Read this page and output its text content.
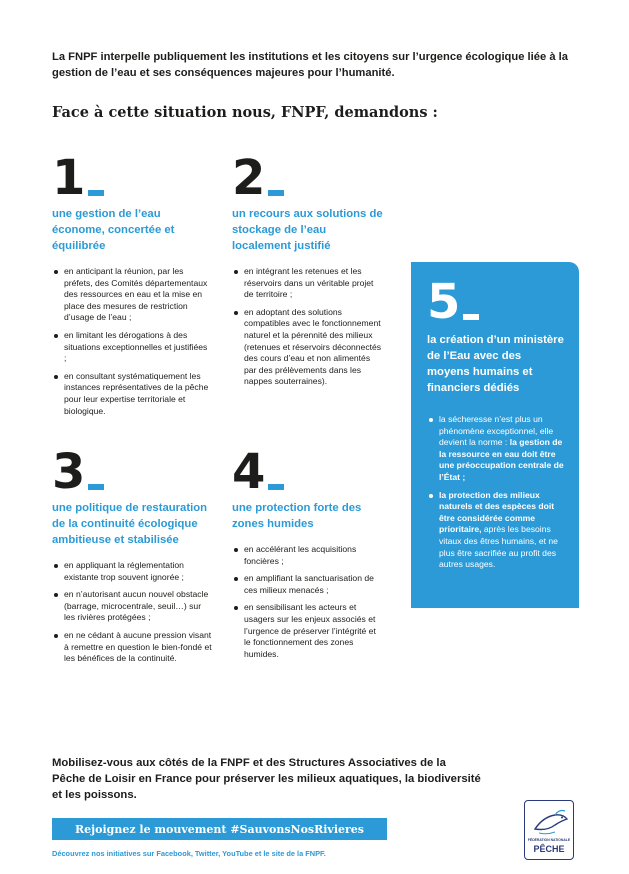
La FNPF interpelle publiquement les institutions et les citoyens sur l’urgence écologique liée à la gestion de l’eau et ses conséquences majeures pour l’humanité.
Face à cette situation nous, FNPF, demandons :
1
une gestion de l’eau économe, concertée et équilibrée
en anticipant la réunion, par les préfets, des Comités départementaux des ressources en eau et la mise en place des mesures de restriction d’usage de l’eau ;
en limitant les dérogations à des situations exceptionnelles et justifiées ;
en consultant systématiquement les instances représentatives de la pêche pour leur expertise territoriale et biologique.
2
un recours aux solutions de stockage de l’eau localement justifié
en intégrant les retenues et les réservoirs dans un véritable projet de territoire ;
en adoptant des solutions compatibles avec le fonctionnement naturel et la pérennité des milieux (retenues et réservoirs déconnectés des cours d’eau et non alimentés par des prélèvements dans les nappes souterraines).
3
une politique de restauration de la continuité écologique ambitieuse et stabilisée
en appliquant la réglementation existante trop souvent ignorée ;
en n’autorisant aucun nouvel obstacle (barrage, microcentrale, seuil…) sur les rivières protégées ;
en ne cédant à aucune pression visant à remettre en question le bien-fondé et les bénéfices de la continuité.
4
une protection forte des zones humides
en accélérant les acquisitions foncières ;
en amplifiant la sanctuarisation de ces milieux menacés ;
en sensibilisant les acteurs et usagers sur les enjeux associés et l’urgence de préserver l’intégrité et le fonctionnement des zones humides.
5
la création d’un ministère de l’Eau avec des moyens humains et financiers dédiés
la sécheresse n’est plus un phénomène exceptionnel, elle devient la norme : la gestion de la ressource en eau doit être une préoccupation centrale de l’État ;
la protection des milieux naturels et des espèces doit être considérée comme prioritaire, après les besoins vitaux des êtres humains, et ne plus être sacrifiée au profit des autres usages.
Mobilisez-vous aux côtés de la FNPF et des Structures Associatives de la Pêche de Loisir en France pour préserver les milieux aquatiques, la biodiversité et les poissons.
Rejoignez le mouvement #SauvonsNosRivieres
Découvrez nos initiatives sur Facebook, Twitter, YouTube et le site de la FNPF.
FÉDÉRATION NATIONALE
PÊCHE
